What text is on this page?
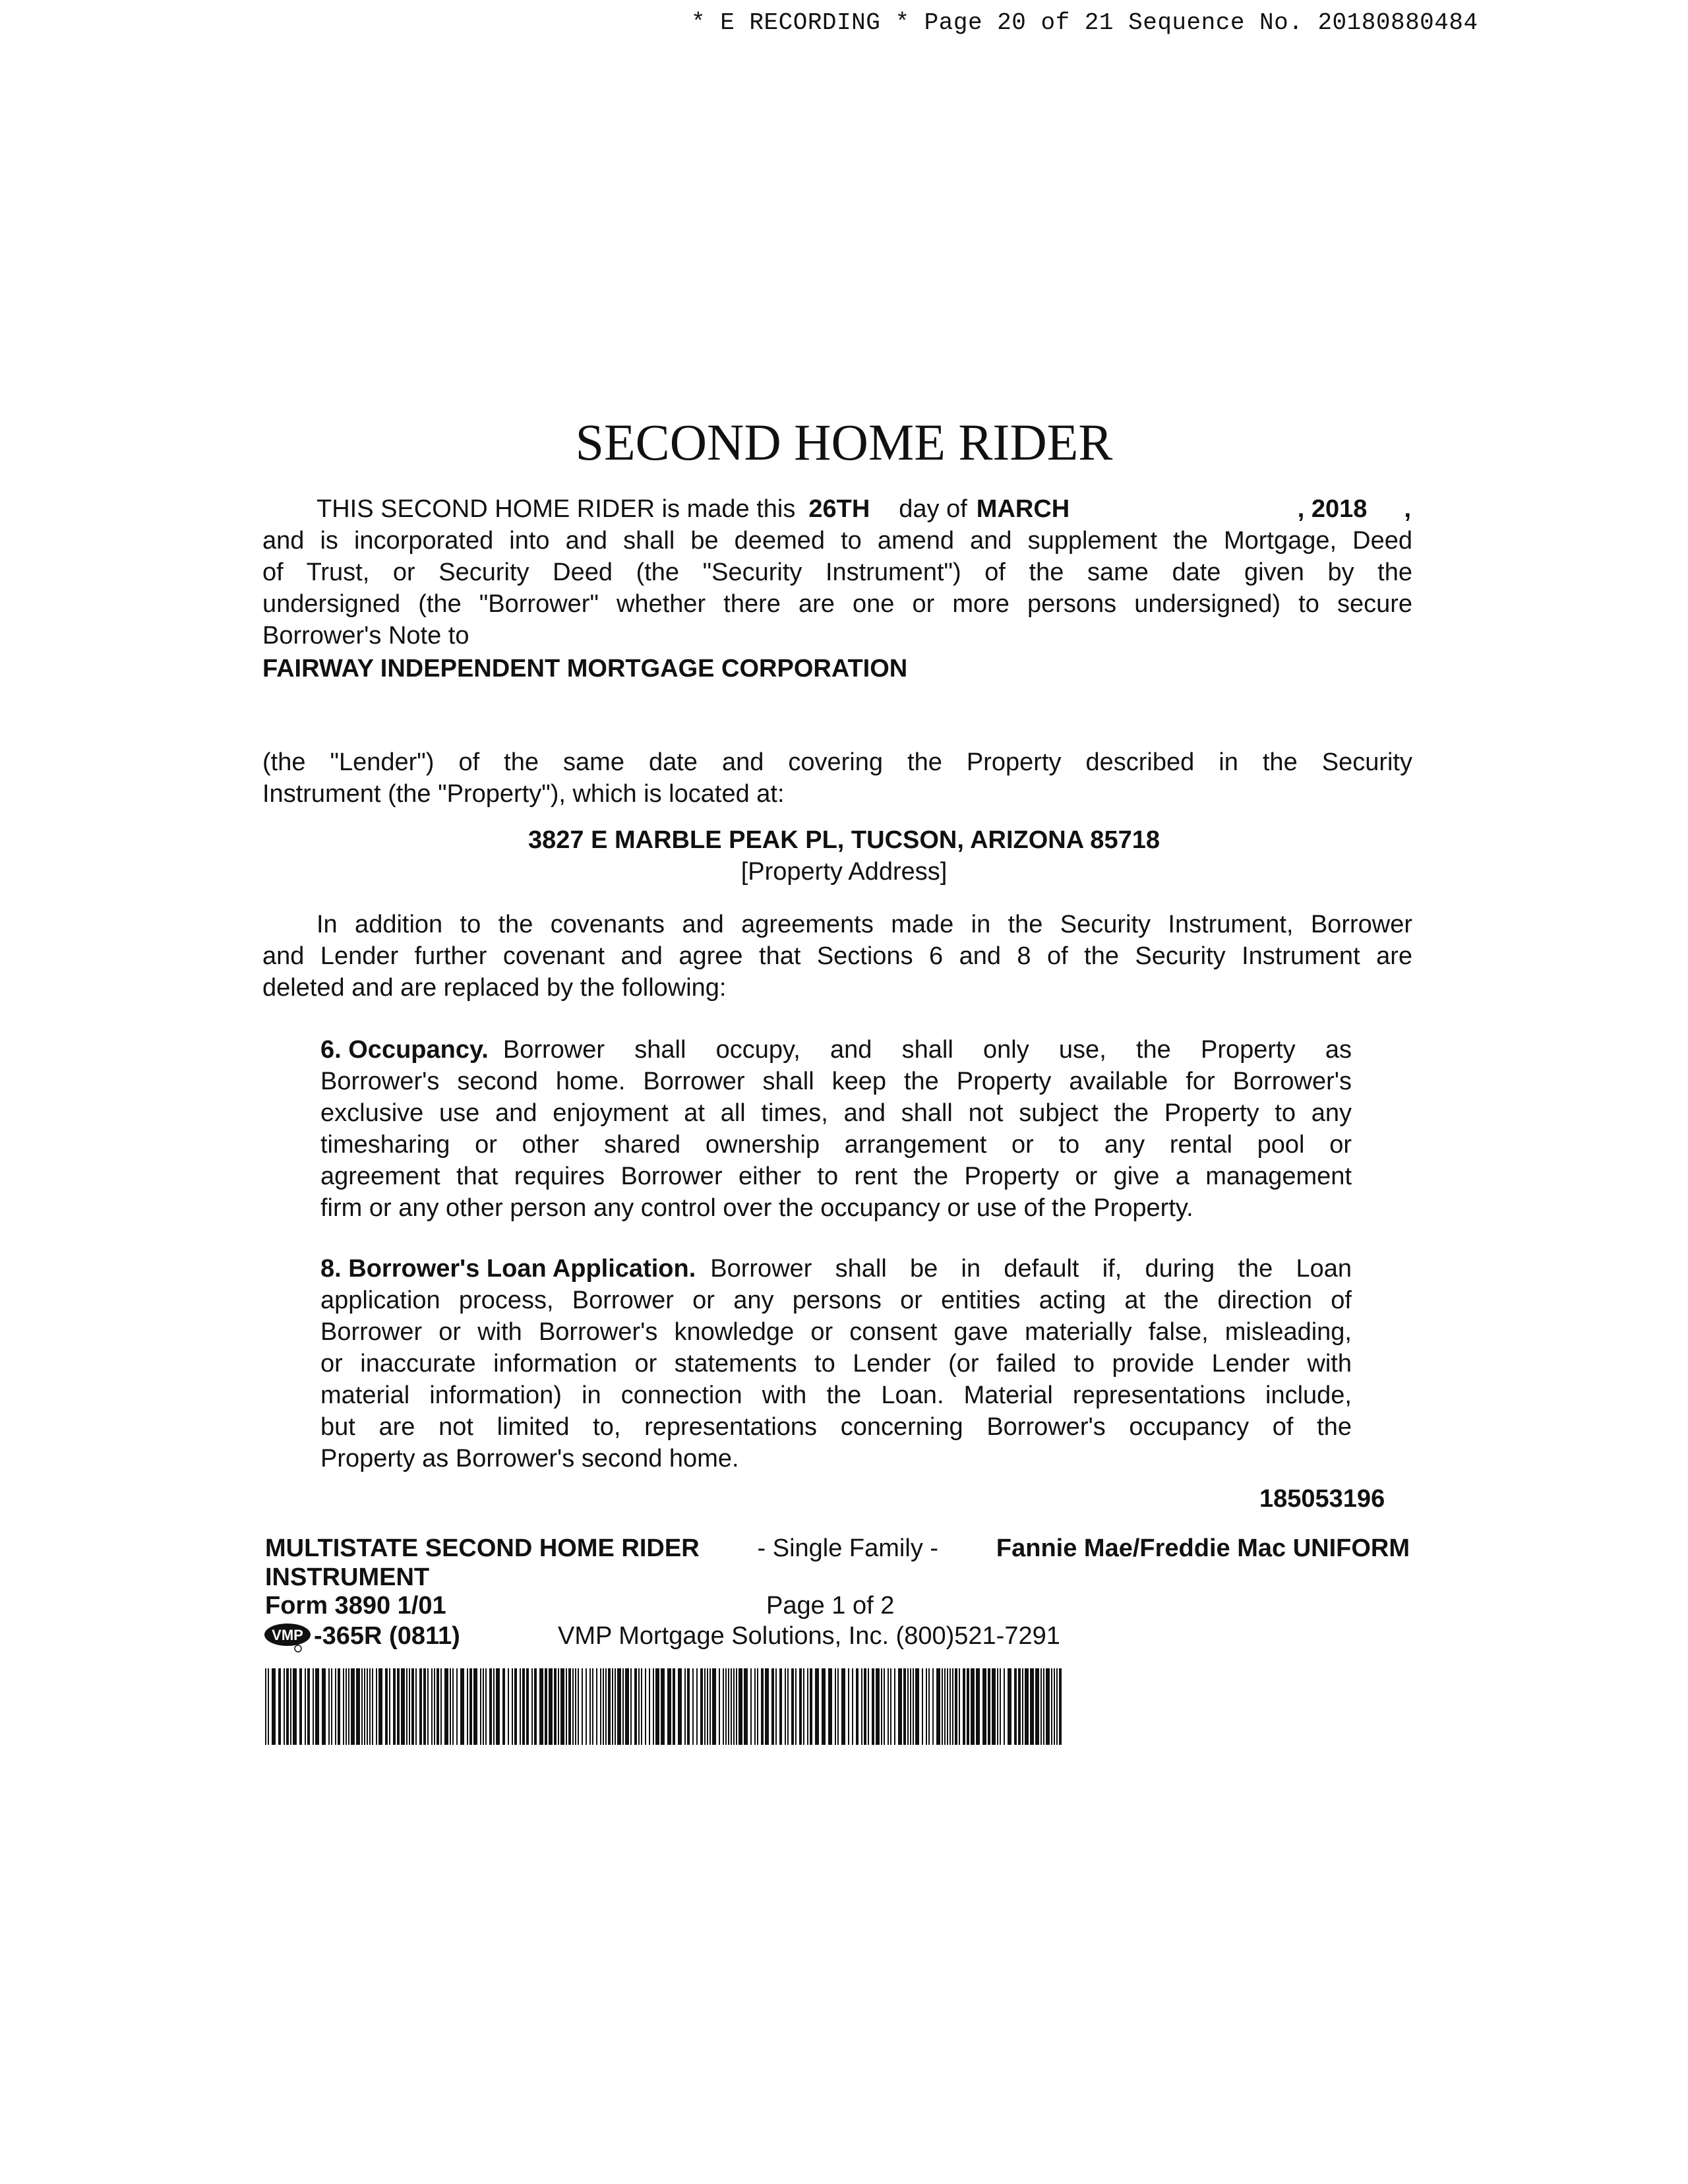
* E RECORDING * Page 20 of 21 Sequence No. 20180880484
SECOND HOME RIDER
THIS SECOND HOME RIDER is made this 26TH day of MARCH	, 2018 ,
and is incorporated into and shall be deemed to amend and supplement the Mortgage, Deed
of Trust, or Security Deed (the "Security Instrument") of the same date given by the
undersigned (the "Borrower" whether there are one or more persons undersigned) to secure
Borrower's Note to
FAIRWAY INDEPENDENT MORTGAGE CORPORATION
(the "Lender") of the same date and covering the Property described in the Security
Instrument (the "Property"), which is located at:
3827 E MARBLE PEAK PL, TUCSON, ARIZONA 85718
[Property Address]
In addition to the covenants and agreements made in the Security Instrument, Borrower
and Lender further covenant and agree that Sections 6 and 8 of the Security Instrument are
deleted and are replaced by the following:
6. Occupancy. Borrower shall occupy, and shall only use, the Property as
Borrower's second home. Borrower shall keep the Property available for Borrower's
exclusive use and enjoyment at all times, and shall not subject the Property to any
timesharing or other shared ownership arrangement or to any rental pool or
agreement that requires Borrower either to rent the Property or give a management
firm or any other person any control over the occupancy or use of the Property.
8. Borrower's Loan Application. Borrower shall be in default if, during the Loan
application process, Borrower or any persons or entities acting at the direction of
Borrower or with Borrower's knowledge or consent gave materially false, misleading,
or inaccurate information or statements to Lender (or failed to provide Lender with
material information) in connection with the Loan. Material representations include,
but are not limited to, representations concerning Borrower's occupancy of the
Property as Borrower's second home.
185053196
MULTISTATE SECOND HOME RIDER - Single Family - Fannie Mae/Freddie Mac UNIFORM
INSTRUMENT
Form 3890 1/01	Page 1 of 2
VMP -365R (0811)	VMP Mortgage Solutions, Inc. (800)521-7291
